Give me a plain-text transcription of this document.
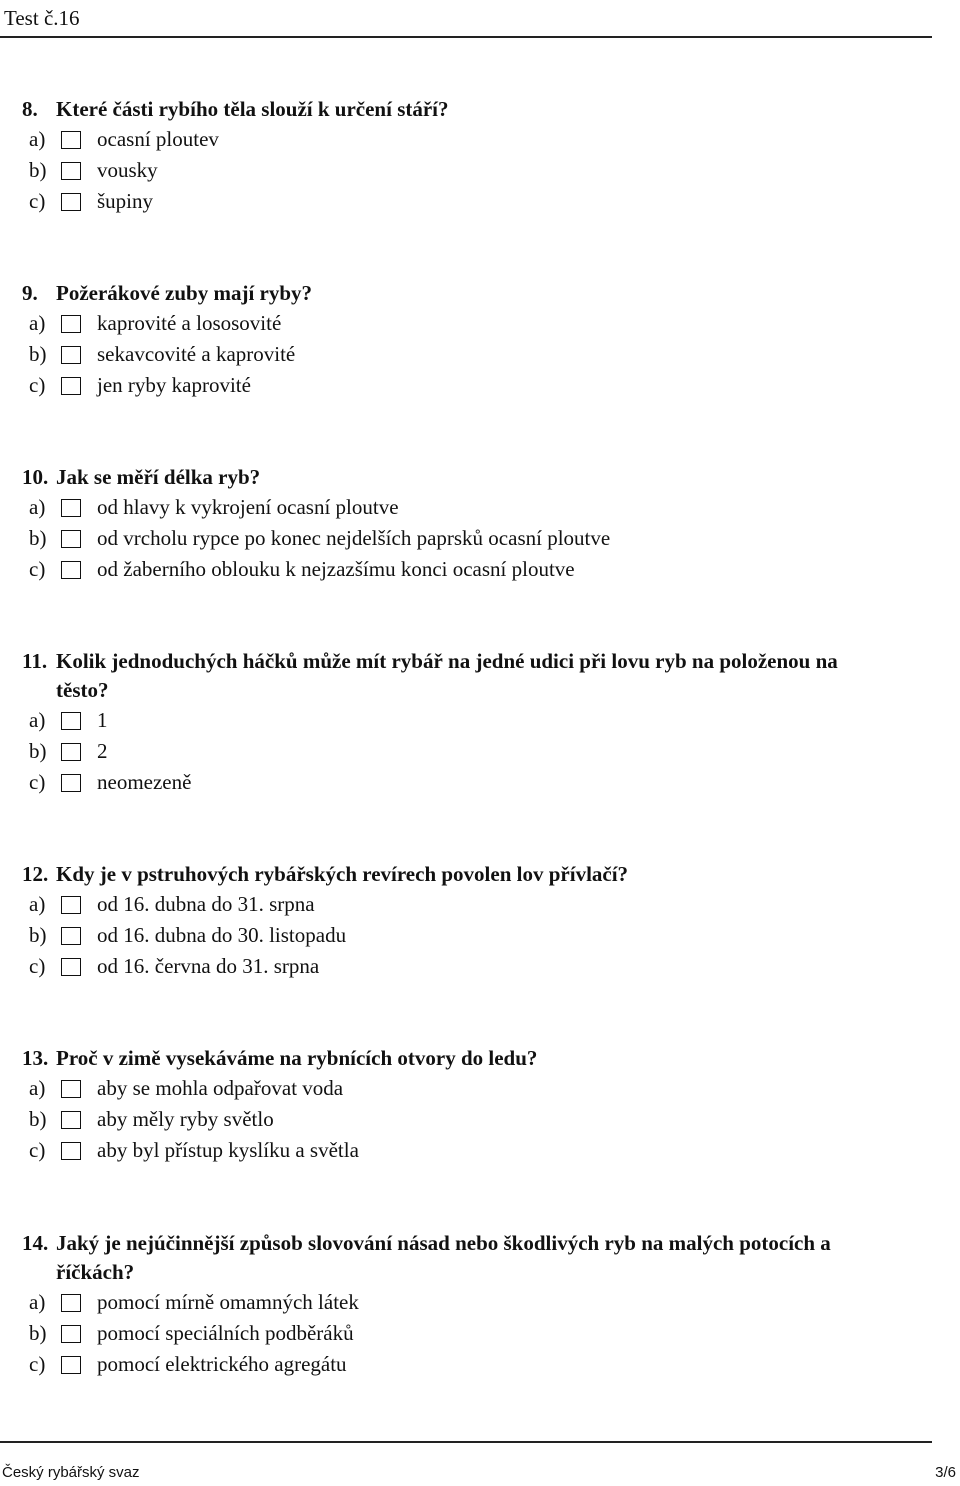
Test č.16
8. Které části rybího těla slouží k určení stáří?
a) ocasní ploutev
b) vousky
c) šupiny
9. Požerákové zuby mají ryby?
a) kaprovité a lososovité
b) sekavcovité a kaprovité
c) jen ryby kaprovité
10. Jak se měří délka ryb?
a) od hlavy k vykrojení ocasní ploutve
b) od vrcholu rypce po konec nejdelších paprsků ocasní ploutve
c) od žaberního oblouku k nejzazšímu konci ocasní ploutve
11. Kolik jednoduchých háčků může mít rybář na jedné udici při lovu ryb na položenou na těsto?
a) 1
b) 2
c) neomezeně
12. Kdy je v pstruhových rybářských revírech povolen lov přívlačí?
a) od 16. dubna do 31. srpna
b) od 16. dubna do 30. listopadu
c) od 16. června do 31. srpna
13. Proč v zimě vysekáváme na rybnících otvory do ledu?
a) aby se mohla odpařovat voda
b) aby měly ryby světlo
c) aby byl přístup kyslíku a světla
14. Jaký je nejúčinnější způsob slovování násad nebo škodlivých ryb na malých potocích a říčkách?
a) pomocí mírně omamných látek
b) pomocí speciálních podběráků
c) pomocí elektrického agregátu
Český rybářský svaz	3/6
